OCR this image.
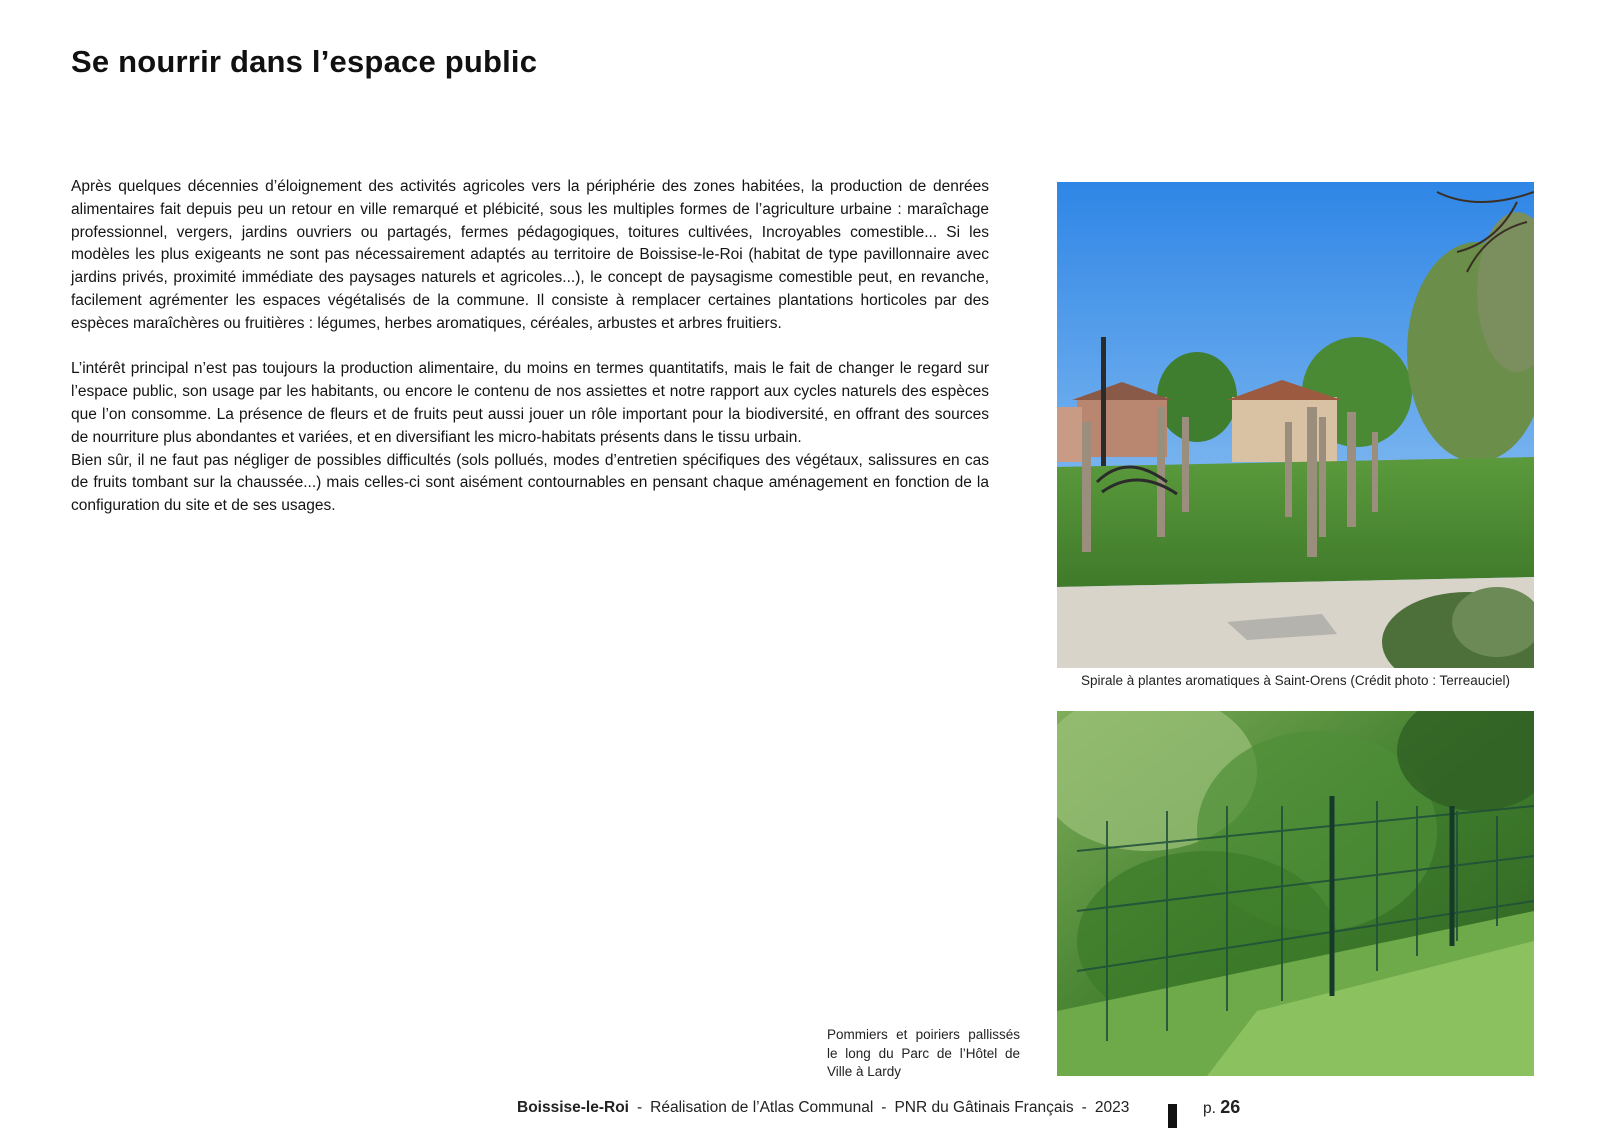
Se nourrir dans l’espace public

Après quelques décennies d’éloignement des activités agricoles vers la périphérie des zones habitées, la production de denrées alimentaires fait depuis peu un retour en ville remarqué et plébicité, sous les multiples formes de l’agriculture urbaine : maraîchage professionnel, vergers, jardins ouvriers ou partagés, fermes pédagogiques, toitures cultivées, Incroyables comestible... Si les modèles les plus exigeants ne sont pas nécessairement adaptés au territoire de Boissise-le-Roi (habitat de type pavillonnaire avec jardins privés, proximité immédiate des paysages naturels et agricoles...), le concept de paysagisme comestible peut, en revanche, facilement agrémenter les espaces végétalisés de la commune. Il consiste à remplacer certaines plantations horticoles par des espèces maraîchères ou fruitières : légumes, herbes aromatiques, céréales, arbustes et arbres fruitiers.

L’intérêt principal n’est pas toujours la production alimentaire, du moins en termes quantitatifs, mais le fait de changer le regard sur l’espace public, son usage par les habitants, ou encore le contenu de nos assiettes et notre rapport aux cycles naturels des espèces que l’on consomme. La présence de fleurs et de fruits peut aussi jouer un rôle important pour la biodiversité, en offrant des sources de nourriture plus abondantes et variées, et en diversifiant les micro-habitats présents dans le tissu urbain.

Bien sûr, il ne faut pas négliger de possibles difficultés (sols pollués, modes d’entretien spécifiques des végétaux, salissures en cas de fruits tombant sur la chaussée...) mais celles-ci sont aisément contournables en pensant chaque aménagement en fonction de la configuration du site et de ses usages.

Spirale à plantes aromatiques à Saint-Orens (Crédit photo : Terreauciel)
Pommiers et poiriers pallissés le long du Parc de l’Hôtel de Ville à Lardy
Boissise-le-Roi - Réalisation de l’Atlas Communal - PNR du Gâtinais Français - 2023	p. 26
